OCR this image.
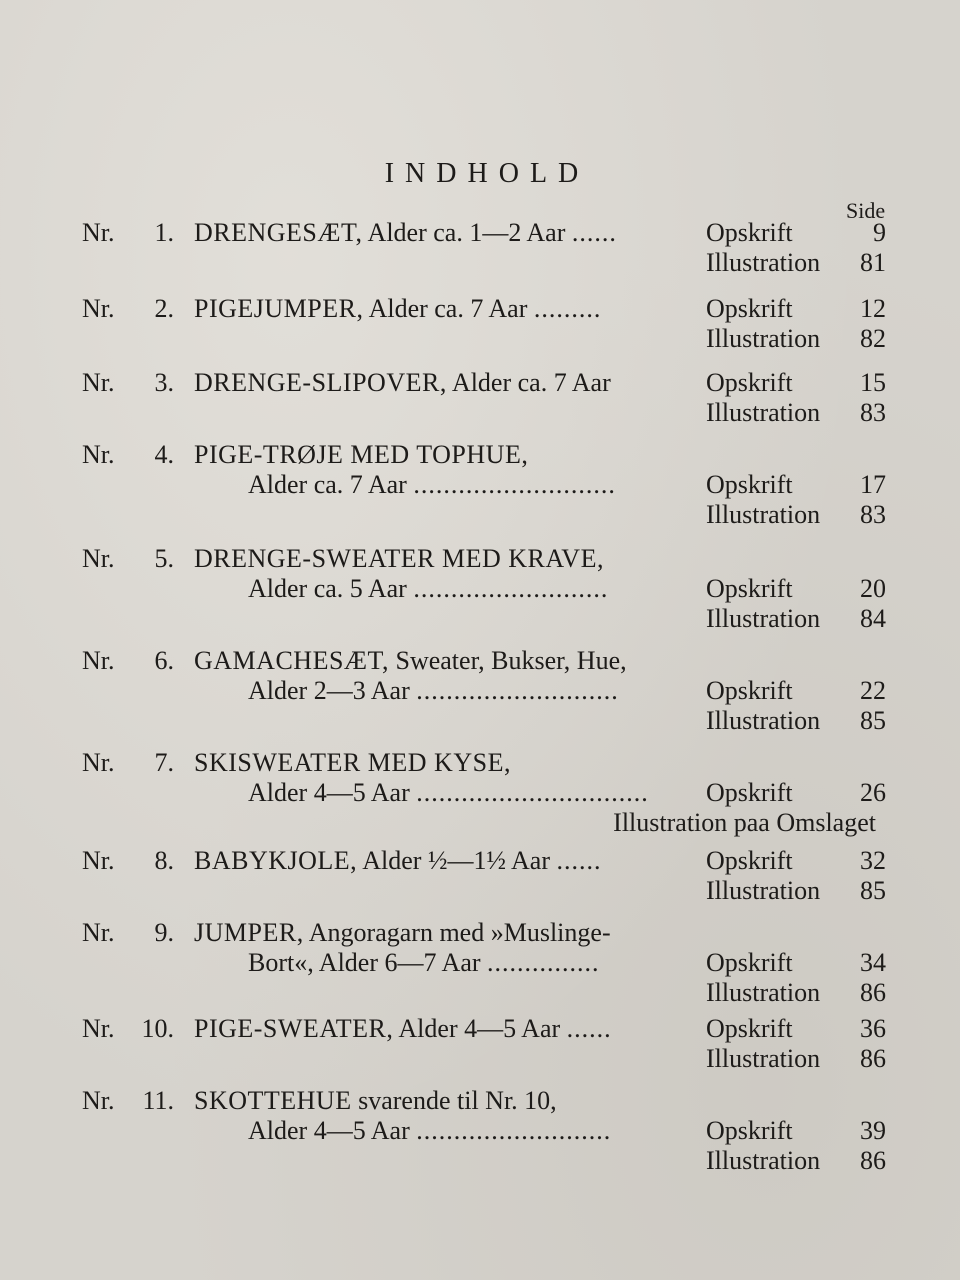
INDHOLD
Side
Nr.	1. DRENGESÆT, Alder ca. 1—2 Aar ......	Opskrift	9
Illustration	81
Nr.	2. PIGEJUMPER, Alder ca. 7 Aar .........	Opskrift	12
Illustration	82
Nr.	3. DRENGE-SLIPOVER, Alder ca. 7 Aar	Opskrift	15
Illustration	83
Nr.	4. PIGE-TRØJE MED TOPHUE,
Alder ca. 7 Aar ...........................	Opskrift	17
Illustration	83
Nr.	5. DRENGE-SWEATER MED KRAVE,
Alder ca. 5 Aar ..........................	Opskrift	20
Illustration	84
Nr.	6. GAMACHESÆT, Sweater, Bukser, Hue,
Alder 2—3 Aar ...........................	Opskrift	22
Illustration	85
Nr.	7. SKISWEATER MED KYSE,
Alder 4—5 Aar ............................... Opskrift	26
Illustration paa Omslaget
Nr.	8. BABYKJOLE, Alder ½—1½ Aar ......	Opskrift	32
Illustration	85
Nr.	9. JUMPER, Angoragarn med »Muslinge-
Bort«, Alder 6—7 Aar ...............	Opskrift	34
Illustration	86
Nr.	10. PIGE-SWEATER, Alder 4—5 Aar ......	Opskrift	36
Illustration	86
Nr.	11. SKOTTEHUE svarende til Nr. 10,
Alder 4—5 Aar ..........................	Opskrift	39
Illustration	86
